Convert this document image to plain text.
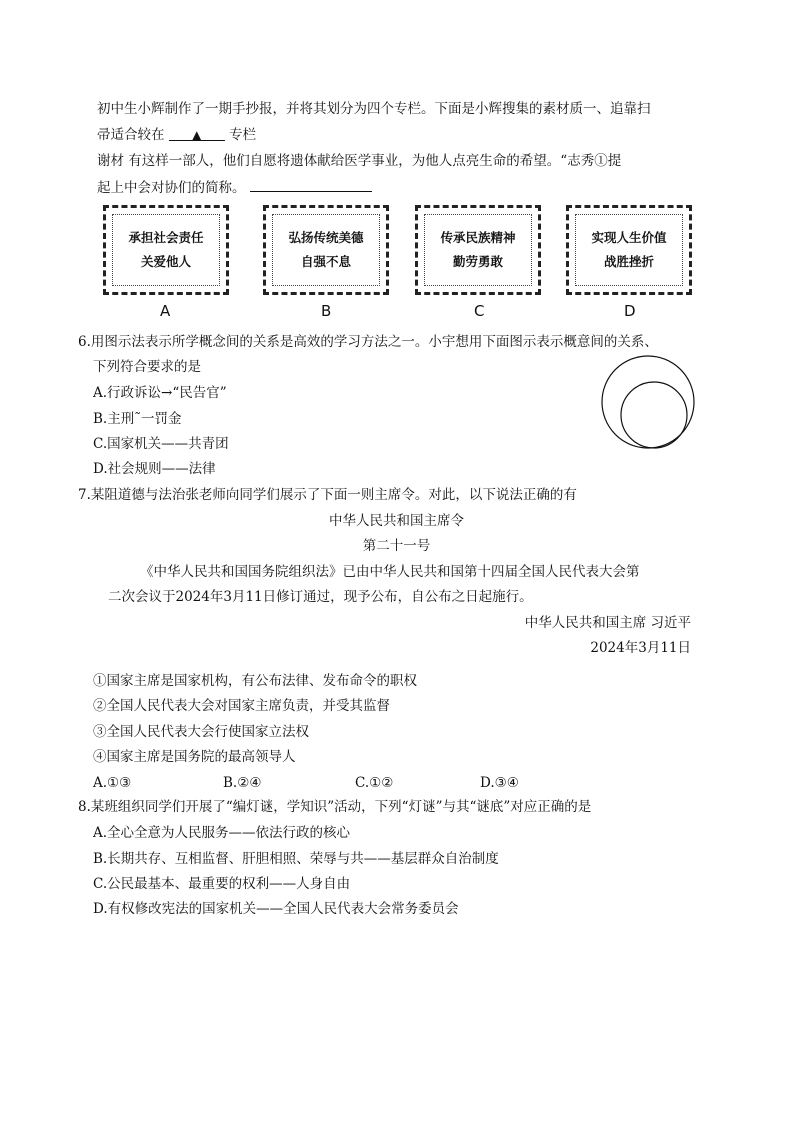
初中生小辉制作了一期手抄报，并将其划分为四个专栏。下面是小辉搜集的素材质一、追靠扫
帚适合较在 ▲ 专栏
谢材 有这样一部人，他们自愿将遗体献给医学事业，为他人点亮生命的希望。“志秀①提
起上中会对协们的简称。
承担社会责任
关爱他人
弘扬传统美德
自强不息
传承民族精神
勤劳勇敢
实现人生价值
战胜挫折
A	B	C	D
6.用图示法表示所学概念间的关系是高效的学习方法之一。小宇想用下面图示表示概意间的关系、
下列符合要求的是
A.行政诉讼→“民告官”
B.主刑˜一罚金
C.国家机关——共青团
D.社会规则——法律
7.某阻道德与法治张老师向同学们展示了下面一则主席令。对此，以下说法正确的有
中华人民共和国主席令
第二十一号
《中华人民共和国国务院组织法》已由中华人民共和国第十四届全国人民代表大会第
二次会议于2024年3月11日修订通过，现予公布，自公布之日起施行。
中华人民共和国主席 习近平
2024年3月11日
①国家主席是国家机构，有公布法律、发布命令的职权
②全国人民代表大会对国家主席负责，并受其监督
③全国人民代表大会行使国家立法权
④国家主席是国务院的最高领导人
A.①③	B.②④	C.①②	D.③④
8.某班组织同学们开展了“编灯谜，学知识”活动，下列“灯谜”与其“谜底”对应正确的是
A.全心全意为人民服务——依法行政的核心
B.长期共存、互相监督、肝胆相照、荣辱与共——基层群众自治制度
C.公民最基本、最重要的权利——人身自由
D.有权修改宪法的国家机关——全国人民代表大会常务委员会
